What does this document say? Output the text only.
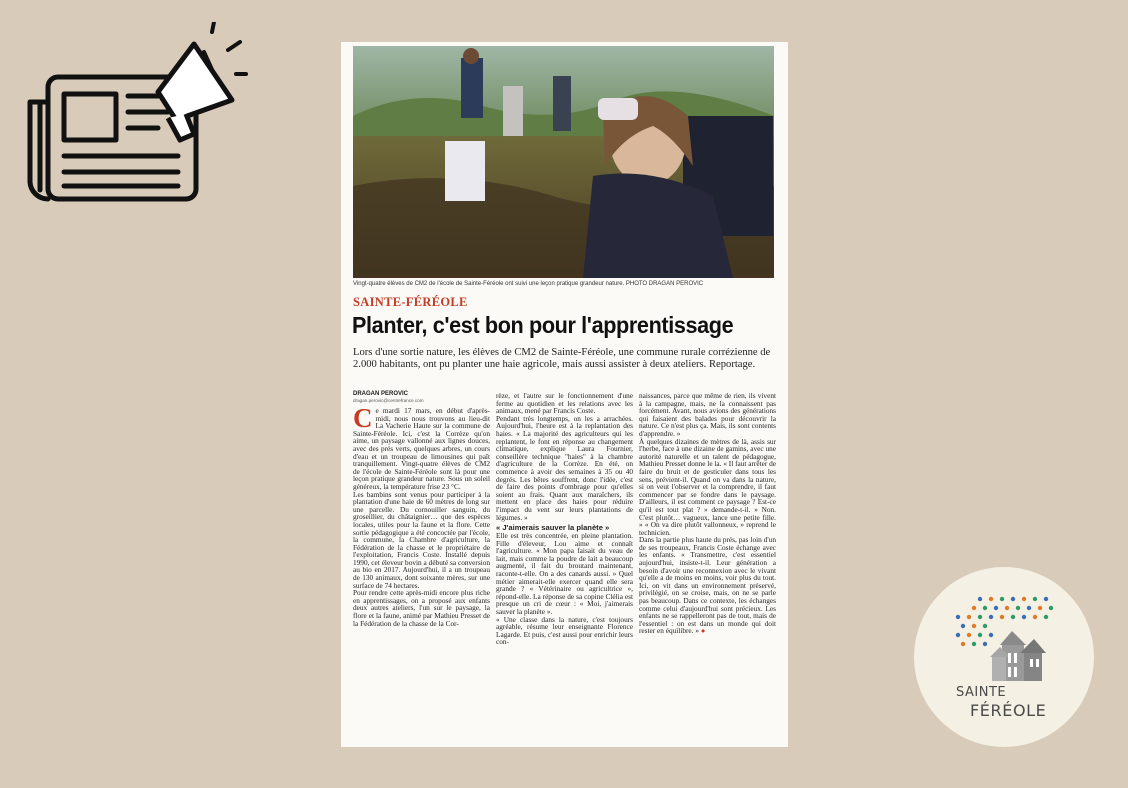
Vingt-quatre élèves de CM2 de l'école de Sainte-Féréole ont suivi une leçon pratique grandeur nature. PHOTO DRAGAN PEROVIC
SAINTE-FÉRÉOLE
Planter, c'est bon pour l'apprentissage
Lors d'une sortie nature, les élèves de CM2 de Sainte-Féréole, une commune rurale corrézienne de 2.000 habitants, ont pu planter une haie agricole, mais aussi assister à deux ateliers. Reportage.
DRAGAN PEROVIC
dragan.perovic@centrefrance.com

Ce mardi 17 mars, en début d'après-midi, nous nous trouvons au lieu-dit La Vacherie Haute sur la commune de Sainte-Féréole. Ici, c'est la Corrèze qu'on aime, un paysage vallonné aux lignes douces, avec des prés verts, quelques arbres, un cours d'eau et un troupeau de limousines qui paît tranquillement. Vingt-quatre élèves de CM2 de l'école de Sainte-Féréole sont là pour une leçon pratique grandeur nature. Sous un soleil généreux, la température frise 23 °C.

Les bambins sont venus pour participer à la plantation d'une haie de 60 mètres de long sur une parcelle. Du cornouiller sanguin, du groseillier, du châtaignier… que des espèces locales, utiles pour la faune et la flore. Cette sortie pédagogique a été concoctée par l'école, la commune, la Chambre d'agriculture, la Fédération de la chasse et le propriétaire de l'exploitation, Francis Coste. Installé depuis 1990, cet éleveur bovin a débuté sa conversion au bio en 2017. Aujourd'hui, il a un troupeau de 130 animaux, dont soixante mères, sur une surface de 74 hectares.

Pour rendre cette après-midi encore plus riche en apprentissages, on a proposé aux enfants deux autres ateliers, l'un sur le paysage, la flore et la faune, animé par Mathieu Presset de la Fédération de la chasse de la Cor-

rèze, et l'autre sur le fonctionnement d'une ferme au quotidien et les relations avec les animaux, mené par Francis Coste.

Pendant très longtemps, on les a arrachées. Aujourd'hui, l'heure est à la replantation des haies. « La majorité des agriculteurs qui les replantent, le font en réponse au changement climatique, explique Laura Fournier, conseillère technique "haies" à la chambre d'agriculture de la Corrèze. En été, on commence à avoir des semaines à 35 ou 40 degrés. Les bêtes souffrent, donc l'idée, c'est de faire des points d'ombrage pour qu'elles soient au frais. Quant aux maraîchers, ils mettent en place des haies pour réduire l'impact du vent sur leurs plantations de légumes. »

« J'aimerais sauver la planète »

Elle est très concentrée, en pleine plantation. Fille d'éleveur, Lou aime et connaît l'agriculture. « Mon papa faisait du veau de lait, mais comme la poudre de lait a beaucoup augmenté, il fait du broutard maintenant, raconte-t-elle. On a des canards aussi. » Quel métier aimerait-elle exercer quand elle sera grande ? « Vétérinaire ou agricultrice », répond-elle. La réponse de sa copine Clélia est presque un cri de cœur : « Moi, j'aimerais sauver la planète ».

« Une classe dans la nature, c'est toujours agréable, résume leur enseignante Florence Lagarde. Et puis, c'est aussi pour enrichir leurs con-

naissances, parce que même de rien, ils vivent à la campagne, mais, ne la connaissent pas forcément. Avant, nous avions des générations qui faisaient des balades pour découvrir la nature. Ce n'est plus ça. Mais, ils sont contents d'apprendre. »

À quelques dizaines de mètres de là, assis sur l'herbe, face à une dizaine de gamins, avec une autorité naturelle et un talent de pédagogue, Mathieu Presset donne le la. « Il faut arrêter de faire du bruit et de gesticuler dans tous les sens, prévient-il. Quand on va dans la nature, si on veut l'observer et la comprendre, il faut commencer par se fondre dans le paysage. D'ailleurs, il est comment ce paysage ? Est-ce qu'il est tout plat ? » demande-t-il. » Non. C'est plutôt… vagueux, lance une petite fille. » « On va dire plutôt vallonneux, » reprend le technicien.

Dans la partie plus haute du prés, pas loin d'un de ses troupeaux, Francis Coste échange avec les enfants. « Transmettre, c'est essentiel aujourd'hui, insiste-t-il. Leur génération a besoin d'avoir une reconnexion avec le vivant qu'elle a de moins en moins, voir plus du tout. Ici, on vit dans un environnement préservé, privilégié, on se croise, mais, on ne se parle pas beaucoup. Dans ce contexte, les échanges comme celui d'aujourd'hui sont précieux. Les enfants ne se rappelleront pas de tout, mais de l'essentiel : on est dans un monde qui doit rester en équilibre. » ●

SAINTE
FÉRÉOLE
